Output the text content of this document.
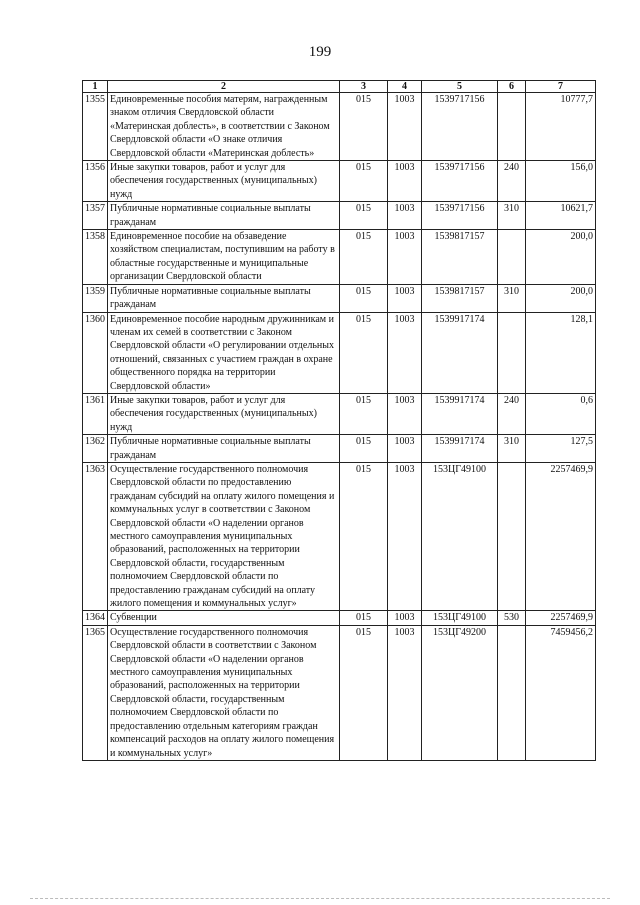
199
1	2	3	4	5	6	7
1355	Единовременные пособия матерям, награжденным знаком отличия Свердловской области «Материнская доблесть», в соответствии с Законом Свердловской области «О знаке отличия Свердловской области «Материнская доблесть»	015	1003	1539717156		10777,7
1356	Иные закупки товаров, работ и услуг для обеспечения государственных (муниципальных) нужд	015	1003	1539717156	240	156,0
1357	Публичные нормативные социальные выплаты гражданам	015	1003	1539717156	310	10621,7
1358	Единовременное пособие на обзаведение хозяйством специалистам, поступившим на работу в областные государственные и муниципальные организации Свердловской области	015	1003	1539817157		200,0
1359	Публичные нормативные социальные выплаты гражданам	015	1003	1539817157	310	200,0
1360	Единовременное пособие народным дружинникам и членам их семей в соответствии с Законом Свердловской области «О регулировании отдельных отношений, связанных с участием граждан в охране общественного порядка на территории Свердловской области»	015	1003	1539917174		128,1
1361	Иные закупки товаров, работ и услуг для обеспечения государственных (муниципальных) нужд	015	1003	1539917174	240	0,6
1362	Публичные нормативные социальные выплаты гражданам	015	1003	1539917174	310	127,5
1363	Осуществление государственного полномочия Свердловской области по предоставлению гражданам субсидий на оплату жилого помещения и коммунальных услуг в соответствии с Законом Свердловской области «О наделении органов местного самоуправления муниципальных образований, расположенных на территории Свердловской области, государственным полномочием Свердловской области по предоставлению гражданам субсидий на оплату жилого помещения и коммунальных услуг»	015	1003	153ЦГ49100		2257469,9
1364	Субвенции	015	1003	153ЦГ49100	530	2257469,9
1365	Осуществление государственного полномочия Свердловской области в соответствии с Законом Свердловской области «О наделении органов местного самоуправления муниципальных образований, расположенных на территории Свердловской области, государственным полномочием Свердловской области по предоставлению отдельным категориям граждан компенсаций расходов на оплату жилого помещения и коммунальных услуг»	015	1003	153ЦГ49200		7459456,2
